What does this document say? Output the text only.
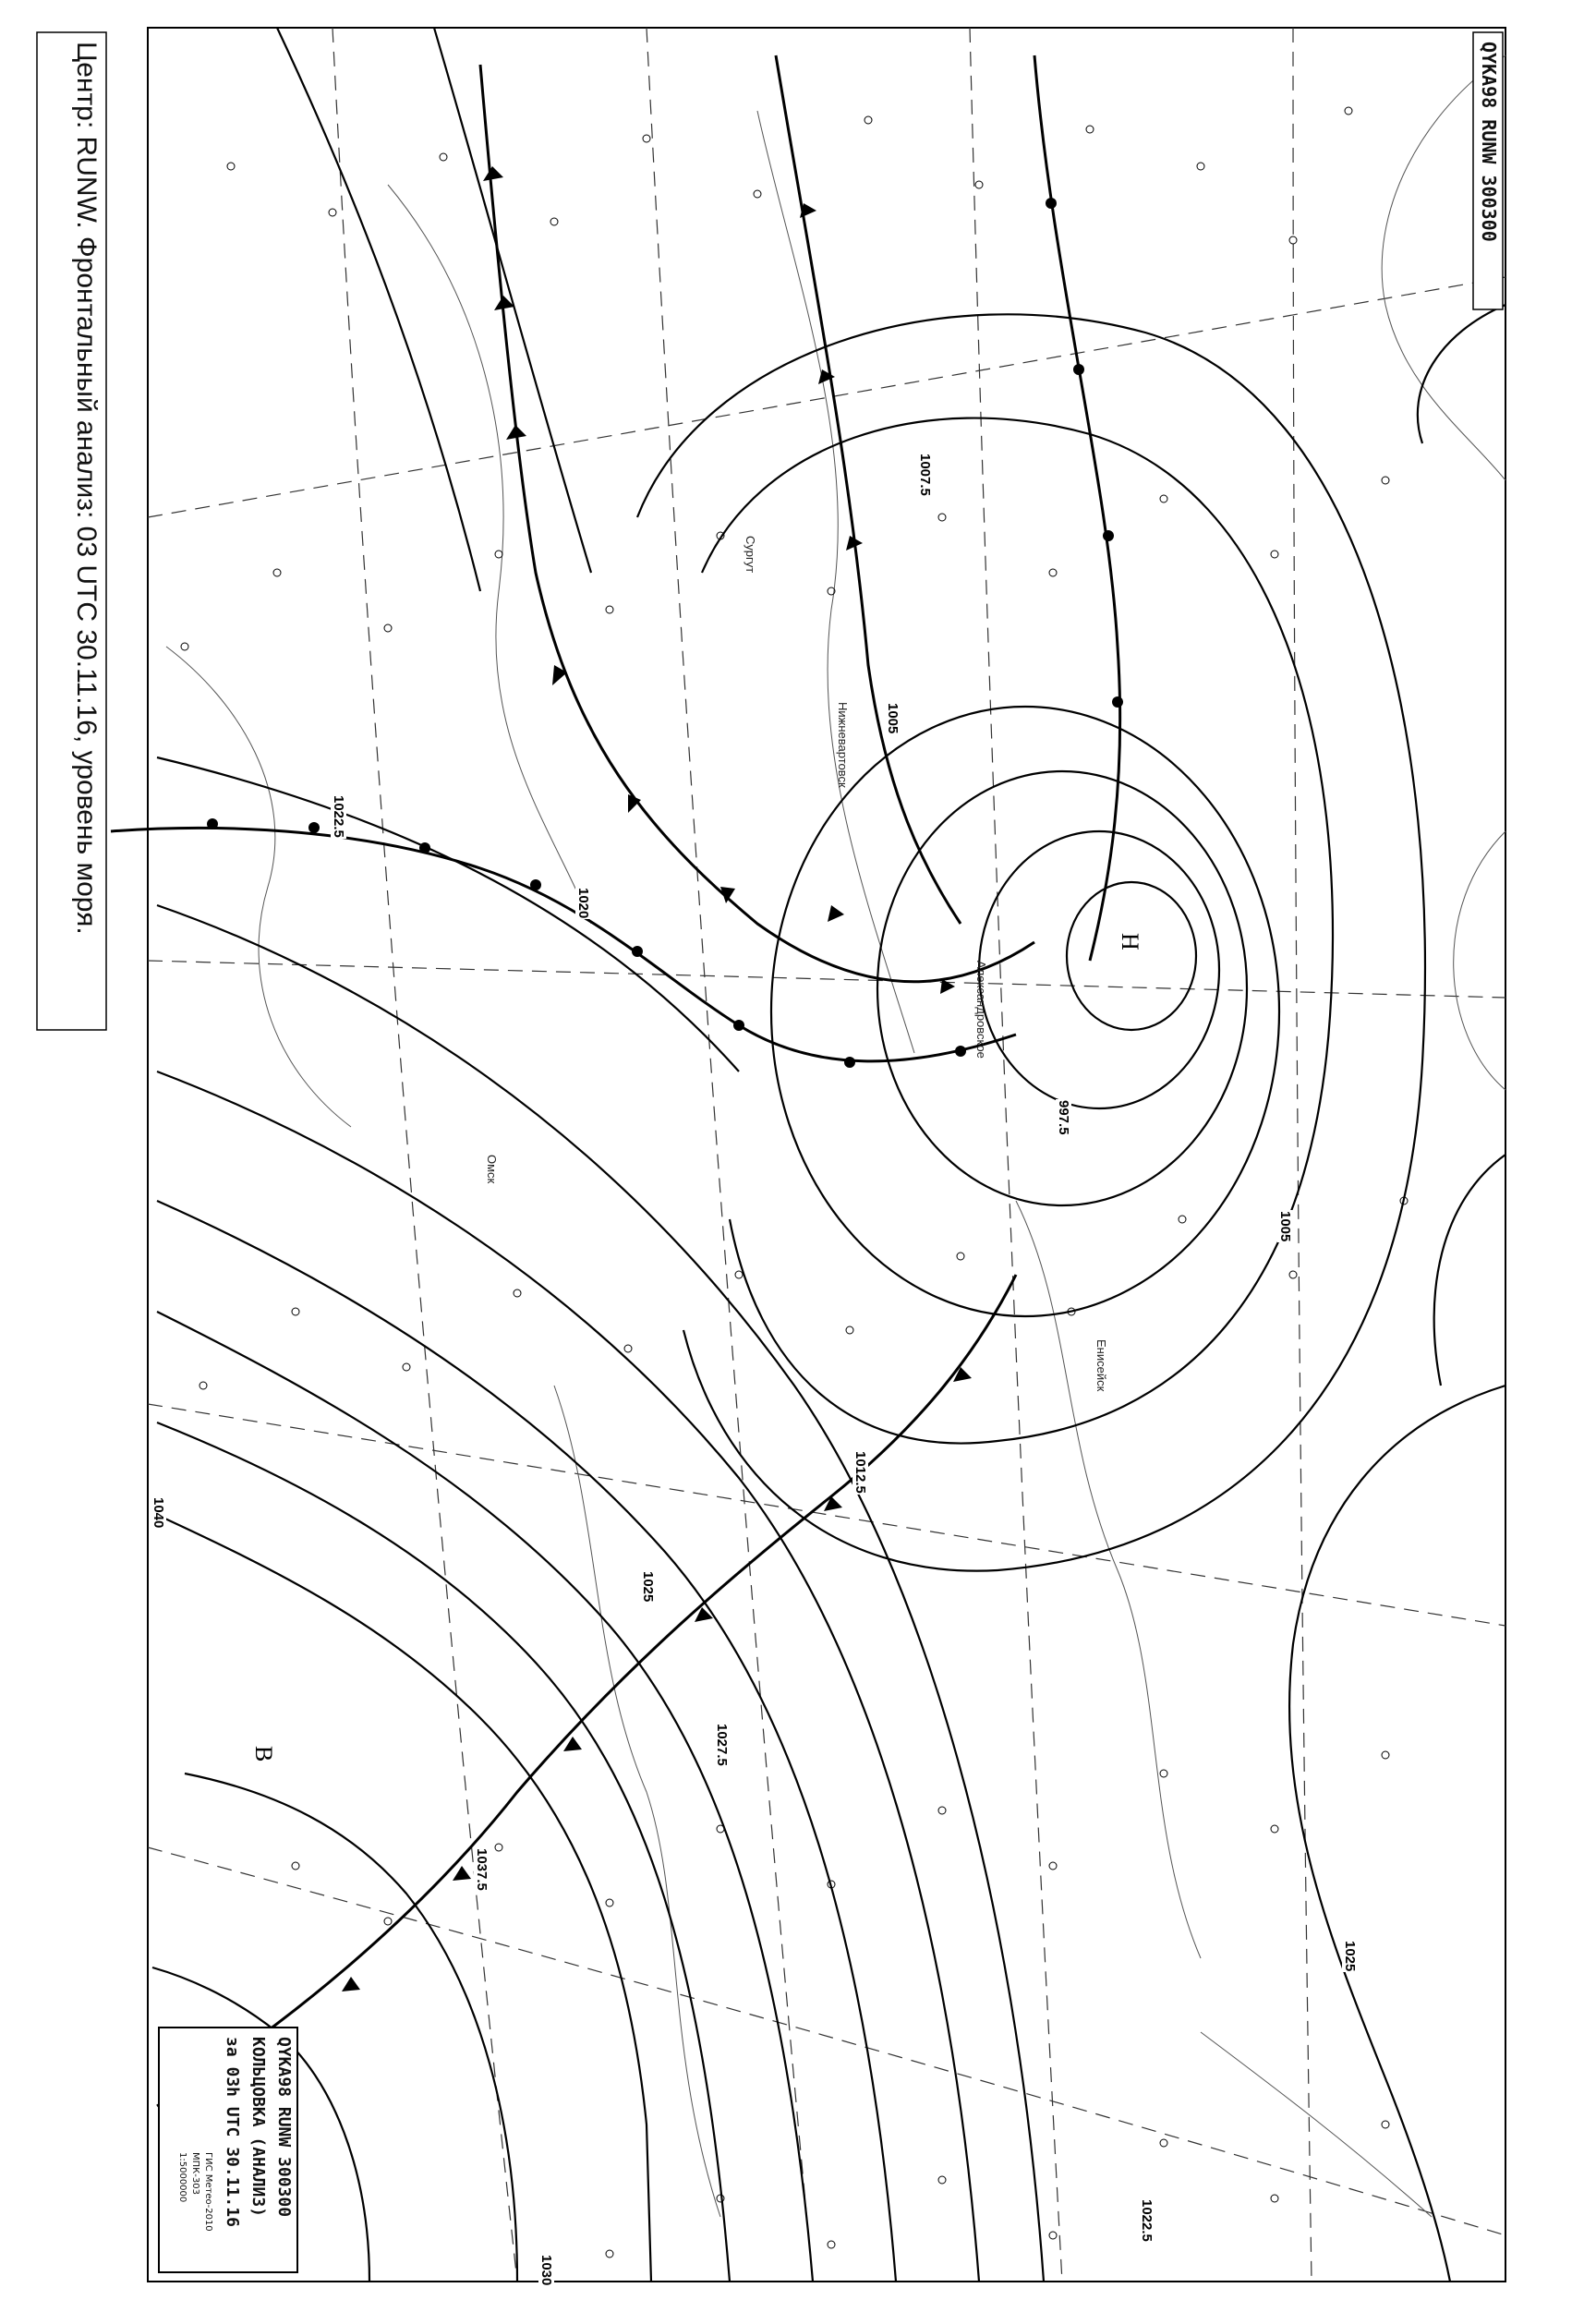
Центр: RUNW. Фронтальный анализ: 03 UTC 30.11.16, уровень моря.	QYKA98 RUNW 300300
QYKA98 RUNW 300300
КОЛЬЦОВКА (АНАЛИЗ)
за 03h UTC 30.11.16
ГИС Метео-2010
МПК-303
1:5000000
Н
В
1007.5
1005
997.5
1012.5
1005
1025
1020
1040
1027.5
1037.5
1022.5
1022.5
1025
1030
Александровское
Омск
Нижневартовск
Енисейск
Сургут
